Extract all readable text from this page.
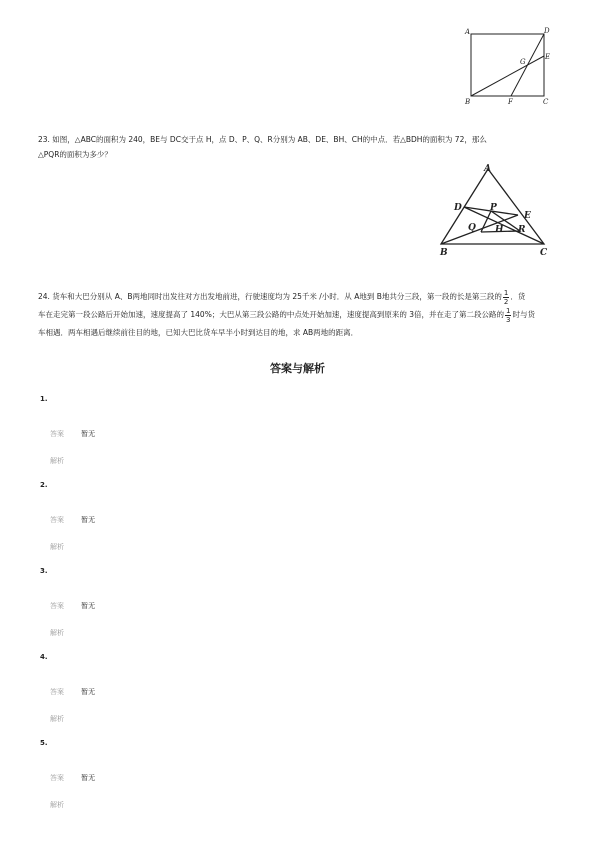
A	D
E
G
B	F	C
23. 如图，△ABC的面积为 240，BE与 DC交于点 H，点 D、P、Q、R分别为 AB、DE、BH、CH的中点．若△BDH的面积为 72，那么
△PQR的面积为多少？
A
D	P
E
Q H R
B	C
24. 货车和大巴分别从 A、B两地同时出发往对方出发地前进，行驶速度均为 25千米 /小时．从 A地到 B地共分三段，第一段的长是第三段的 $\frac{1}{2}$ ．货
车在走完第一段公路后开始加速，速度提高了 140%；大巴从第三段公路的中点处开始加速，速度提高到原来的 3倍，并在走了第二段公路的 $\frac{1}{3}$ 时与货
车相遇．两车相遇后继续前往目的地，已知大巴比货车早半小时到达目的地，求 AB两地的距离．
答案与解析
1.
答案 暂无
解析
2.
答案 暂无
解析
3.
答案 暂无
解析
4.
答案 暂无
解析
5.
答案 暂无
解析
